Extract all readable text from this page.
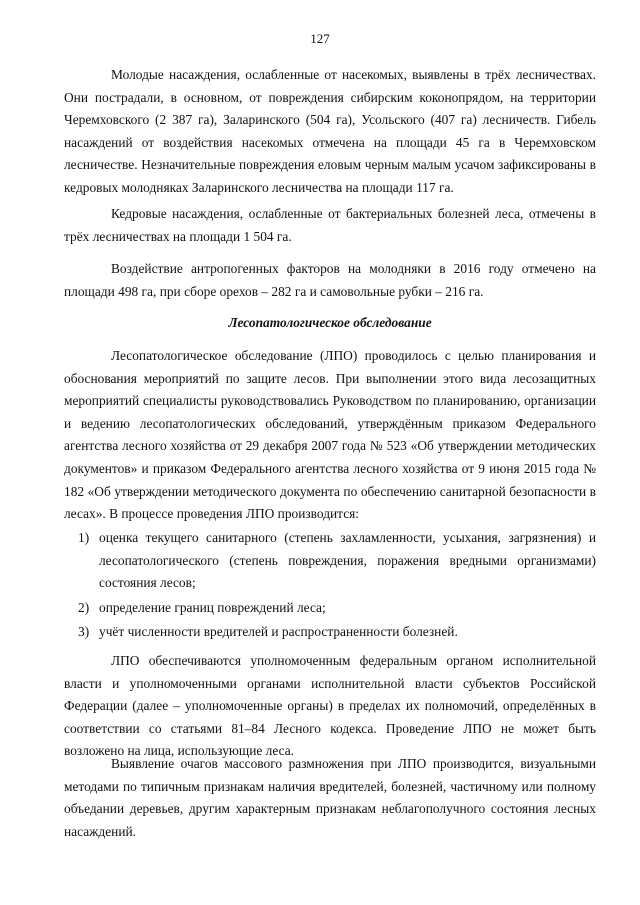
127

Молодые насаждения, ослабленные от насекомых, выявлены в трёх лесничествах. Они пострадали, в основном, от повреждения сибирским коконопрядом, на территории Черемховского (2 387 га), Заларинского (504 га), Усольского (407 га) лесничеств. Гибель насаждений от воздействия насекомых отмечена на площади 45 га в Черемховском лесничестве. Незначительные повреждения еловым черным малым усачом зафиксированы в кедровых молодняках Заларинского лесничества на площади 117 га.

Кедровые насаждения, ослабленные от бактериальных болезней леса, отмечены в трёх лесничествах на площади 1 504 га.

Воздействие антропогенных факторов на молодняки в 2016 году отмечено на площади 498 га, при сборе орехов – 282 га и самовольные рубки – 216 га.

Лесопатологическое обследование

Лесопатологическое обследование (ЛПО) проводилось с целью планирования и обоснования мероприятий по защите лесов. При выполнении этого вида лесозащитных мероприятий специалисты руководствовались Руководством по планированию, организации и ведению лесопатологических обследований, утверждённым приказом Федерального агентства лесного хозяйства от 29 декабря 2007 года № 523 «Об утверждении методических документов» и приказом Федерального агентства лесного хозяйства от 9 июня 2015 года № 182 «Об утверждении методического документа по обеспечению санитарной безопасности в лесах». В процессе проведения ЛПО производится:

1) оценка текущего санитарного (степень захламленности, усыхания, загрязнения) и лесопатологического (степень повреждения, поражения вредными организмами) состояния лесов;
2) определение границ повреждений леса;
3) учёт численности вредителей и распространенности болезней.

ЛПО обеспечиваются уполномоченным федеральным органом исполнительной власти и уполномоченными органами исполнительной власти субъектов Российской Федерации (далее – уполномоченные органы) в пределах их полномочий, определённых в соответствии со статьями 81–84 Лесного кодекса. Проведение ЛПО не может быть возложено на лица, использующие леса.

Выявление очагов массового размножения при ЛПО производится, визуальными методами по типичным признакам наличия вредителей, болезней, частичному или полному объедании деревьев, другим характерным признакам неблагополучного состояния лесных насаждений.
